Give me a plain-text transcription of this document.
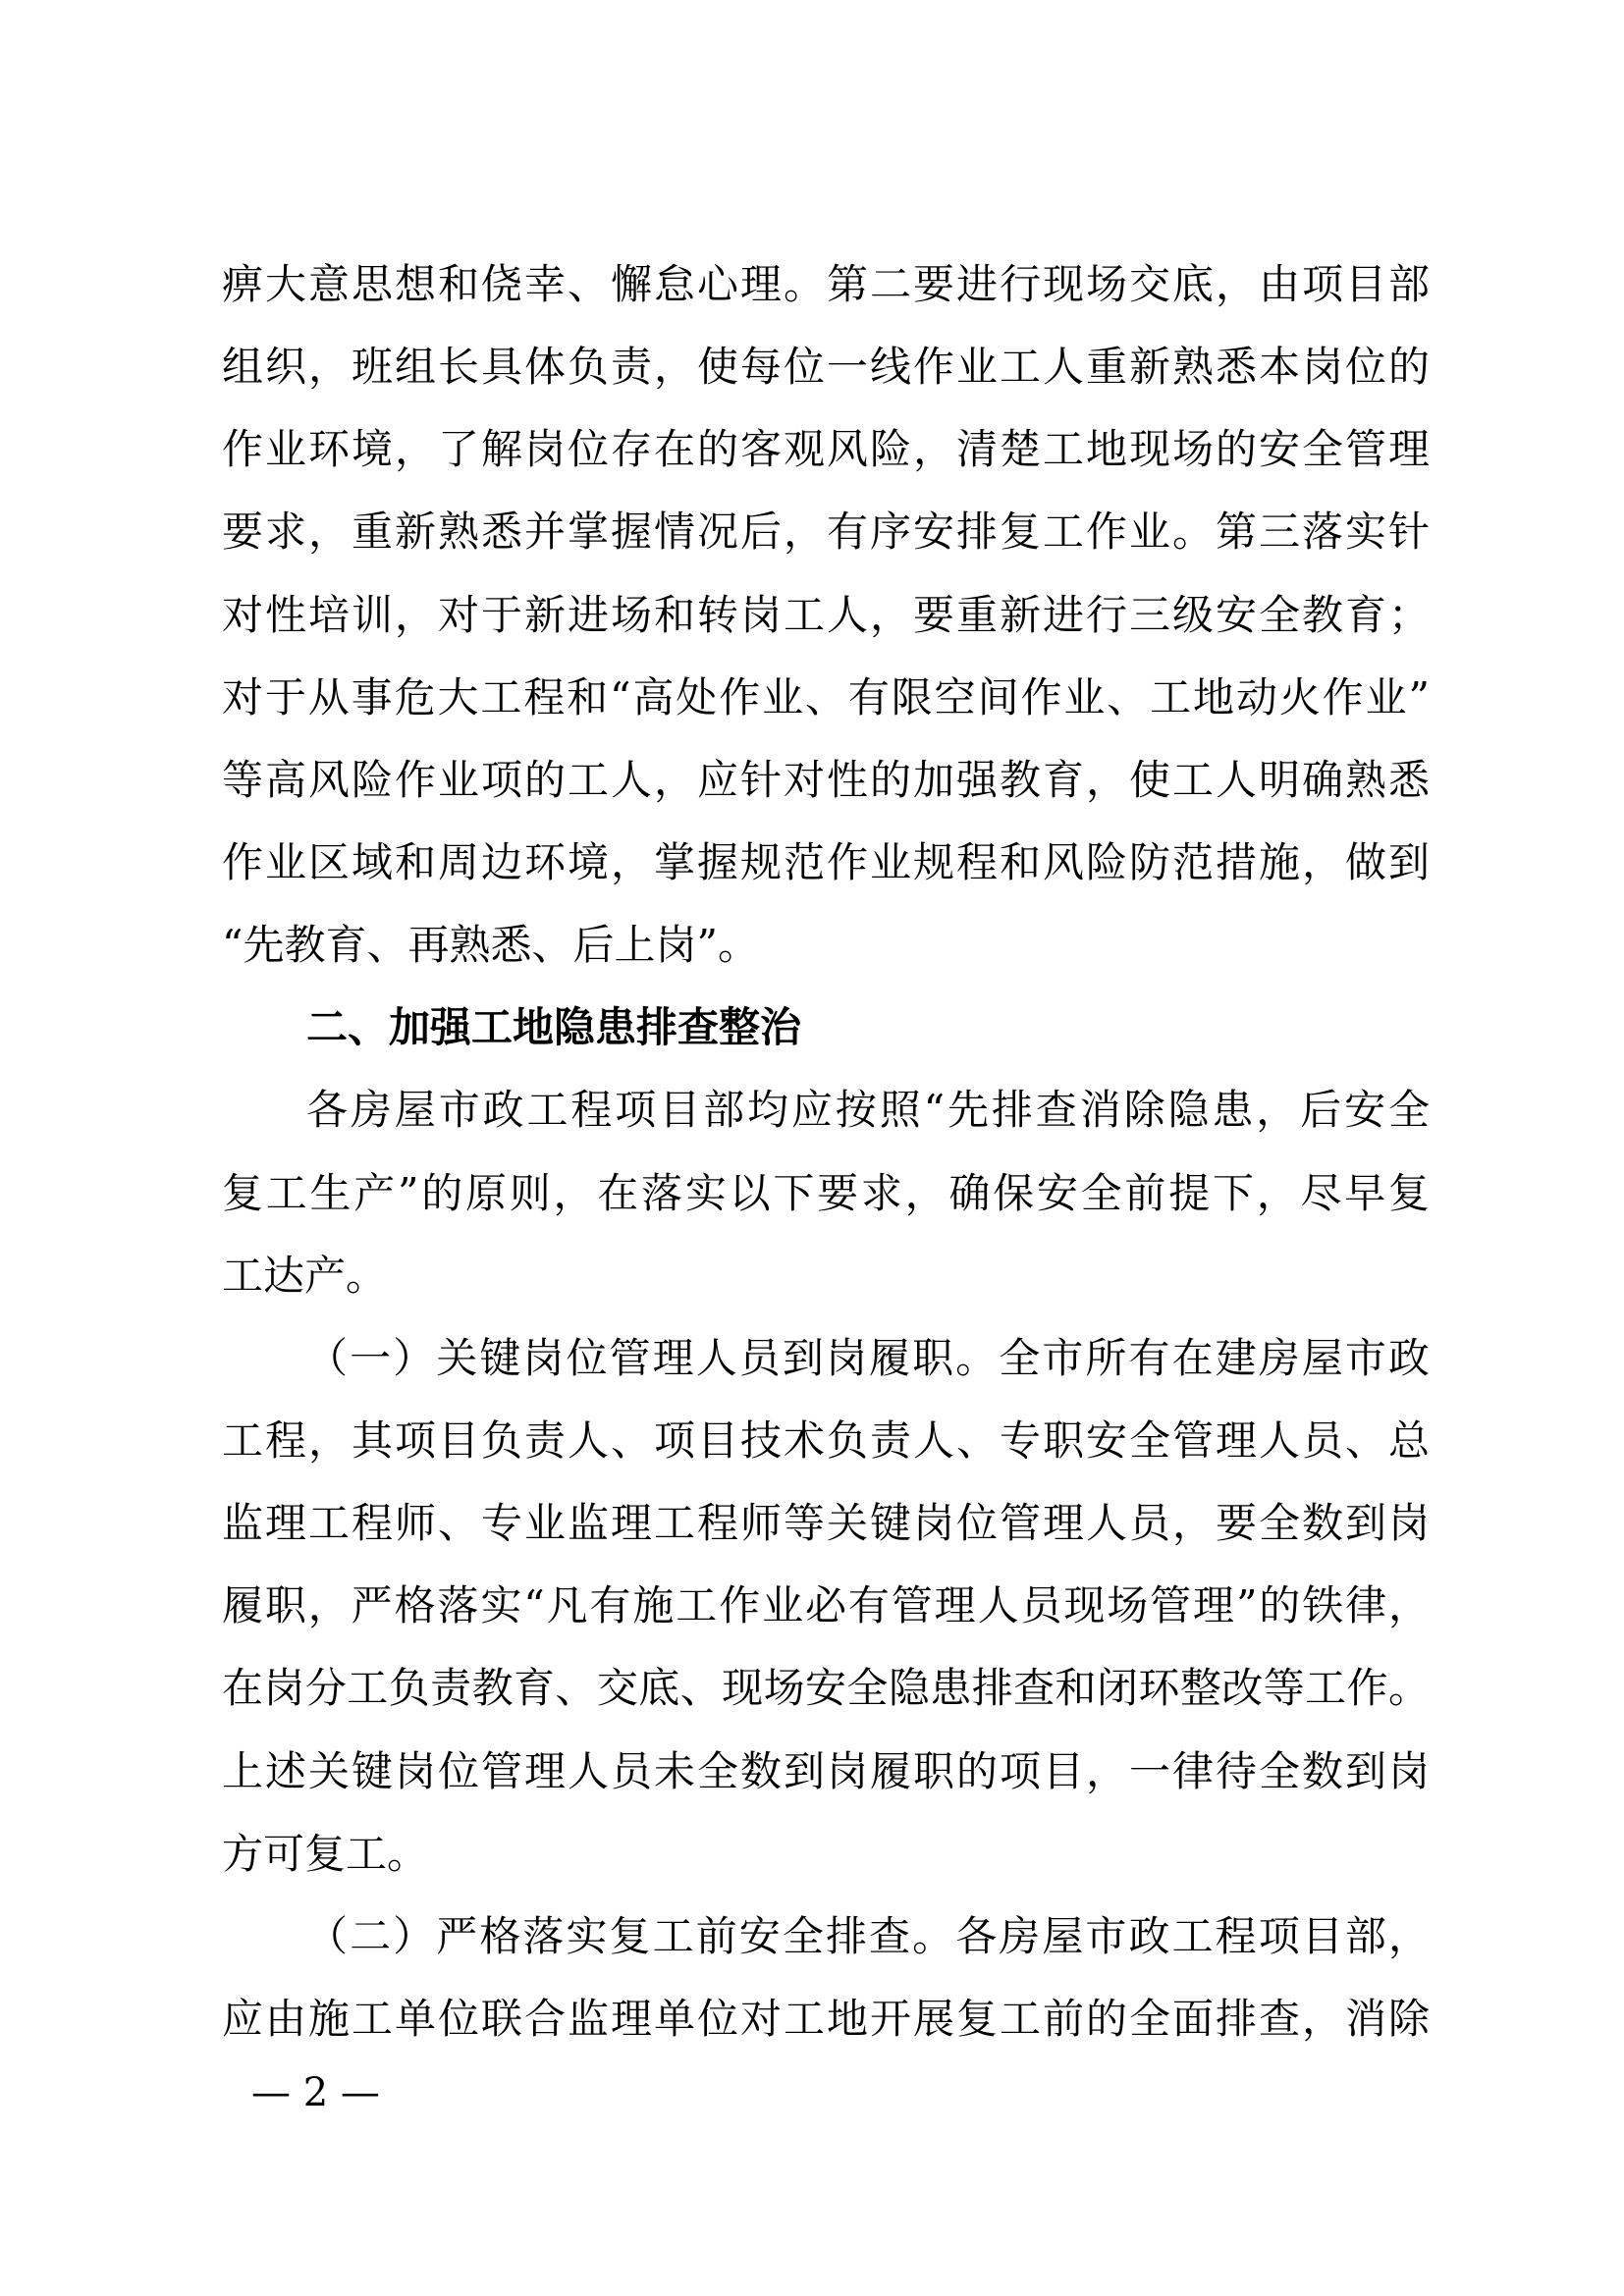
痹大意思想和侥幸、懈怠心理。第二要进行现场交底，由项目部
组织，班组长具体负责，使每位一线作业工人重新熟悉本岗位的
作业环境，了解岗位存在的客观风险，清楚工地现场的安全管理
要求，重新熟悉并掌握情况后，有序安排复工作业。第三落实针
对性培训，对于新进场和转岗工人，要重新进行三级安全教育；
对于从事危大工程和“高处作业、有限空间作业、工地动火作业”
等高风险作业项的工人，应针对性的加强教育，使工人明确熟悉
作业区域和周边环境，掌握规范作业规程和风险防范措施，做到
“先教育、再熟悉、后上岗”。
二、加强工地隐患排查整治
各房屋市政工程项目部均应按照“先排查消除隐患，后安全
复工生产”的原则，在落实以下要求，确保安全前提下，尽早复
工达产。
（一）关键岗位管理人员到岗履职。全市所有在建房屋市政
工程，其项目负责人、项目技术负责人、专职安全管理人员、总
监理工程师、专业监理工程师等关键岗位管理人员，要全数到岗
履职，严格落实“凡有施工作业必有管理人员现场管理”的铁律，
在岗分工负责教育、交底、现场安全隐患排查和闭环整改等工作。
上述关键岗位管理人员未全数到岗履职的项目，一律待全数到岗
方可复工。
（二）严格落实复工前安全排查。各房屋市政工程项目部，
应由施工单位联合监理单位对工地开展复工前的全面排查，消除
— 2 —
